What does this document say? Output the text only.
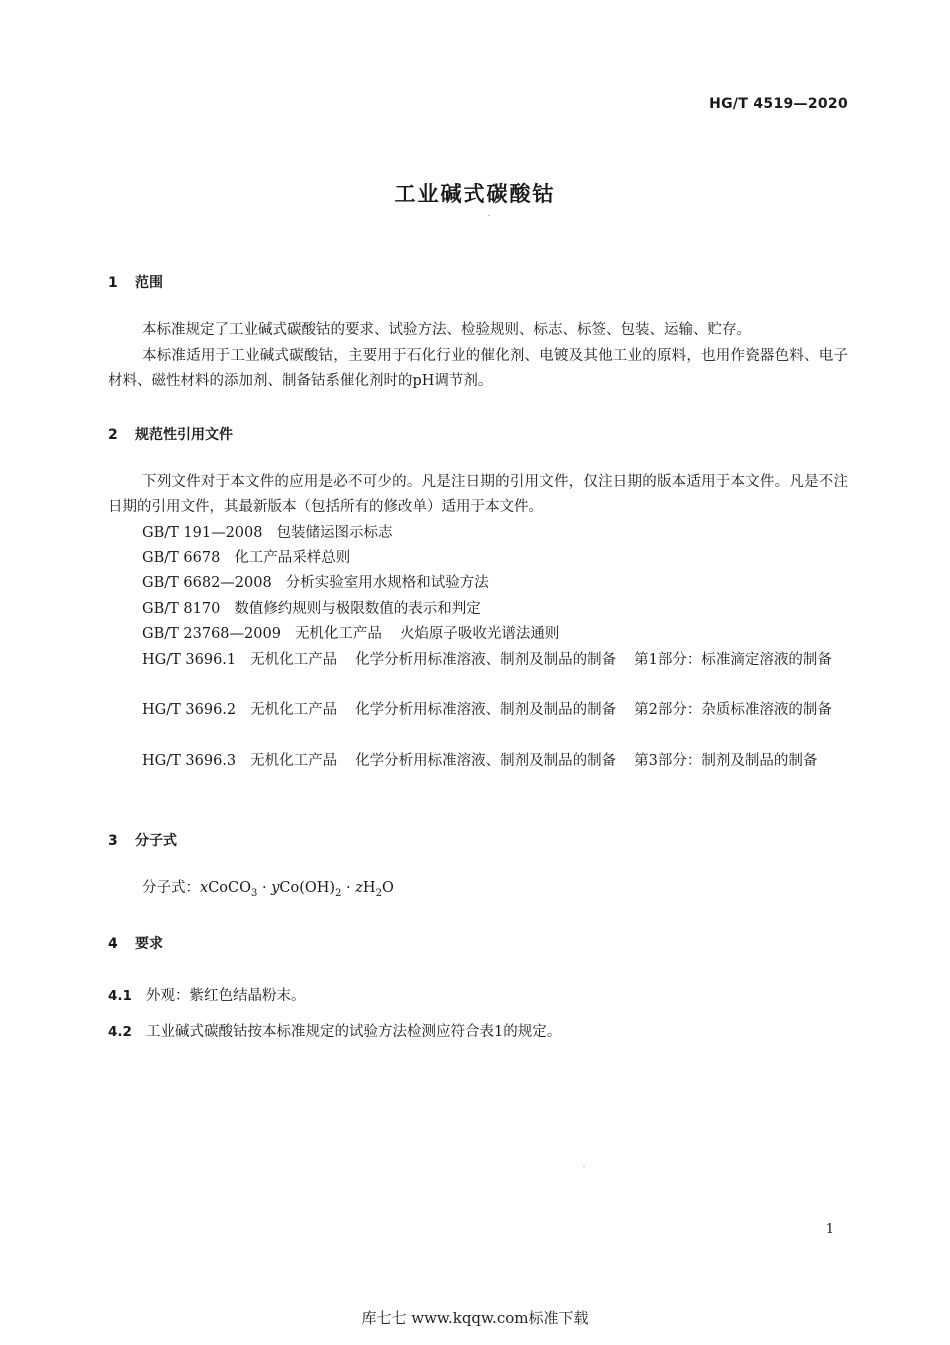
HG/T 4519—2020
工业碱式碳酸钴
1 范围

本标准规定了工业碱式碳酸钴的要求、试验方法、检验规则、标志、标签、包装、运输、贮存。

本标准适用于工业碱式碳酸钴，主要用于石化行业的催化剂、电镀及其他工业的原料，也用作瓷器色料、电子材料、磁性材料的添加剂、制备钴系催化剂时的pH调节剂。

2 规范性引用文件

下列文件对于本文件的应用是必不可少的。凡是注日期的引用文件，仅注日期的版本适用于本文件。凡是不注日期的引用文件，其最新版本（包括所有的修改单）适用于本文件。

GB/T 191—2008 包装储运图示标志
GB/T 6678 化工产品采样总则
GB/T 6682—2008 分析实验室用水规格和试验方法
GB/T 8170 数值修约规则与极限数值的表示和判定
GB/T 23768—2009 无机化工产品 火焰原子吸收光谱法通则
HG/T 3696.1 无机化工产品 化学分析用标准溶液、制剂及制品的制备 第1部分：标准滴定溶液的制备
HG/T 3696.2 无机化工产品 化学分析用标准溶液、制剂及制品的制备 第2部分：杂质标准溶液的制备
HG/T 3696.3 无机化工产品 化学分析用标准溶液、制剂及制品的制备 第3部分：制剂及制品的制备
3 分子式
分子式：xCoCO$_3$ · $yCo(OH)_2 \cdot zH_2O$
4 要求
4.1 外观：紫红色结晶粉末。
4.2 工业碱式碳酸钴按本标准规定的试验方法检测应符合表1的规定。
1
库七七 www.kqqw.com标准下载
